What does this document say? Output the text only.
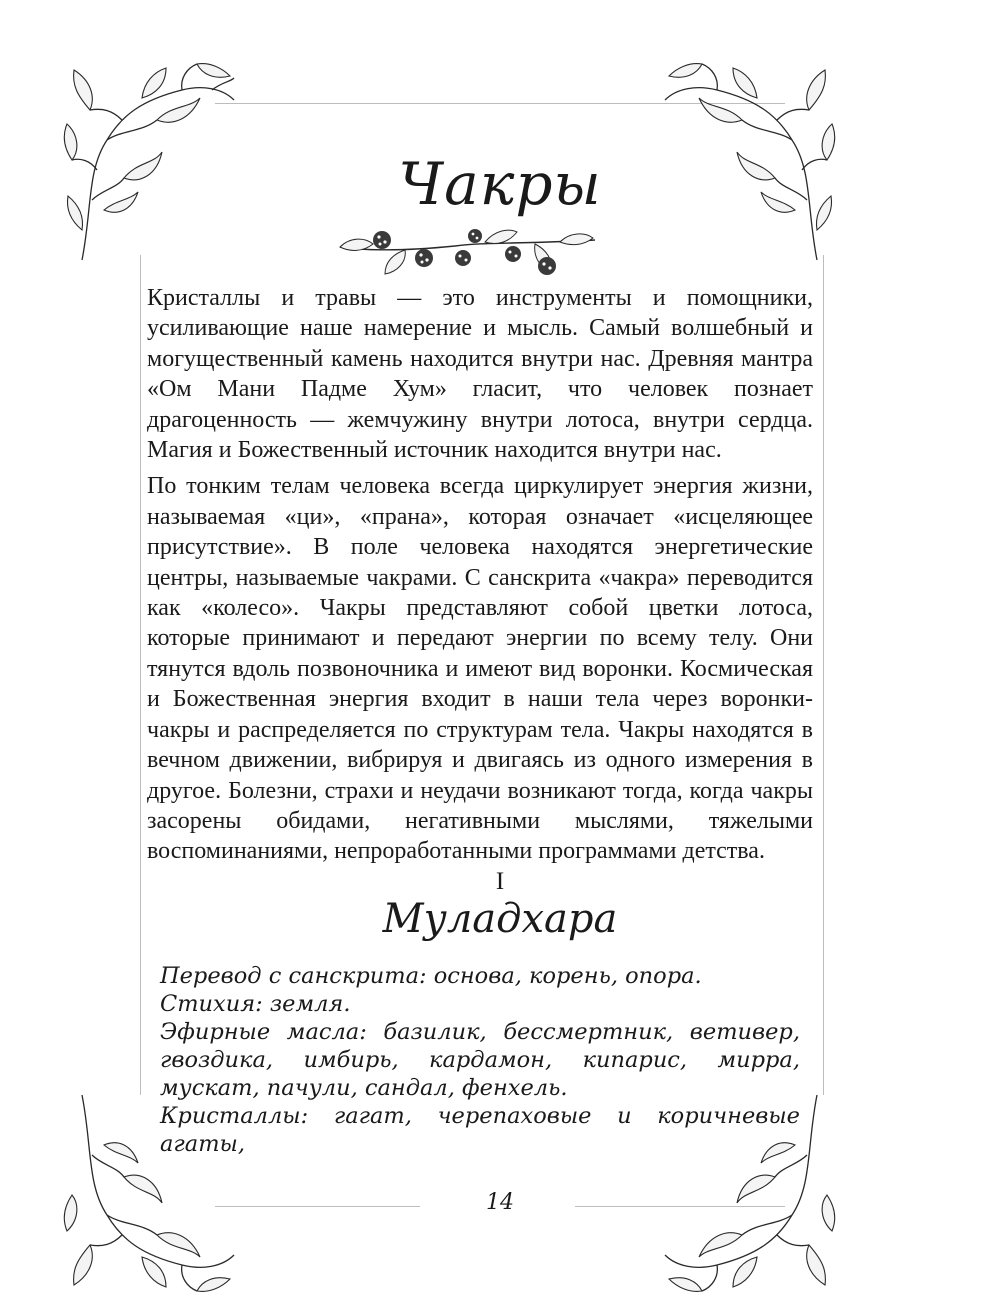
Чакры

Кристаллы и травы — это инструменты и помощники, усиливающие наше намерение и мысль. Самый волшебный и могущественный камень находится внутри нас. Древняя мантра «Ом Мани Падме Хум» гласит, что человек познает драгоценность — жемчужину внутри лотоса, внутри сердца. Магия и Божественный источник находится внутри нас.

По тонким телам человека всегда циркулирует энергия жизни, называемая «ци», «прана», которая означает «исцеляющее присутствие». В поле человека находятся энергетические центры, называемые чакрами. С санскрита «чакра» переводится как «колесо». Чакры представляют собой цветки лотоса, которые принимают и передают энергии по всему телу. Они тянутся вдоль позвоночника и имеют вид воронки. Космическая и Божественная энергия входит в наши тела через воронки-чакры и распределяется по структурам тела. Чакры находятся в вечном движении, вибрируя и двигаясь из одного измерения в другое. Болезни, страхи и неудачи возникают тогда, когда чакры засорены обидами, негативными мыслями, тяжелыми воспоминаниями, непроработанными программами детства.

I
Муладхара
Перевод с санскрита: основа, корень, опора.
Стихия: земля.
Эфирные масла: базилик, бессмертник, ветивер, гвоздика, имбирь, кардамон, кипарис, мирра, мускат, пачули, сандал, фенхель.
Кристаллы: гагат, черепаховые и коричневые агаты,
14
